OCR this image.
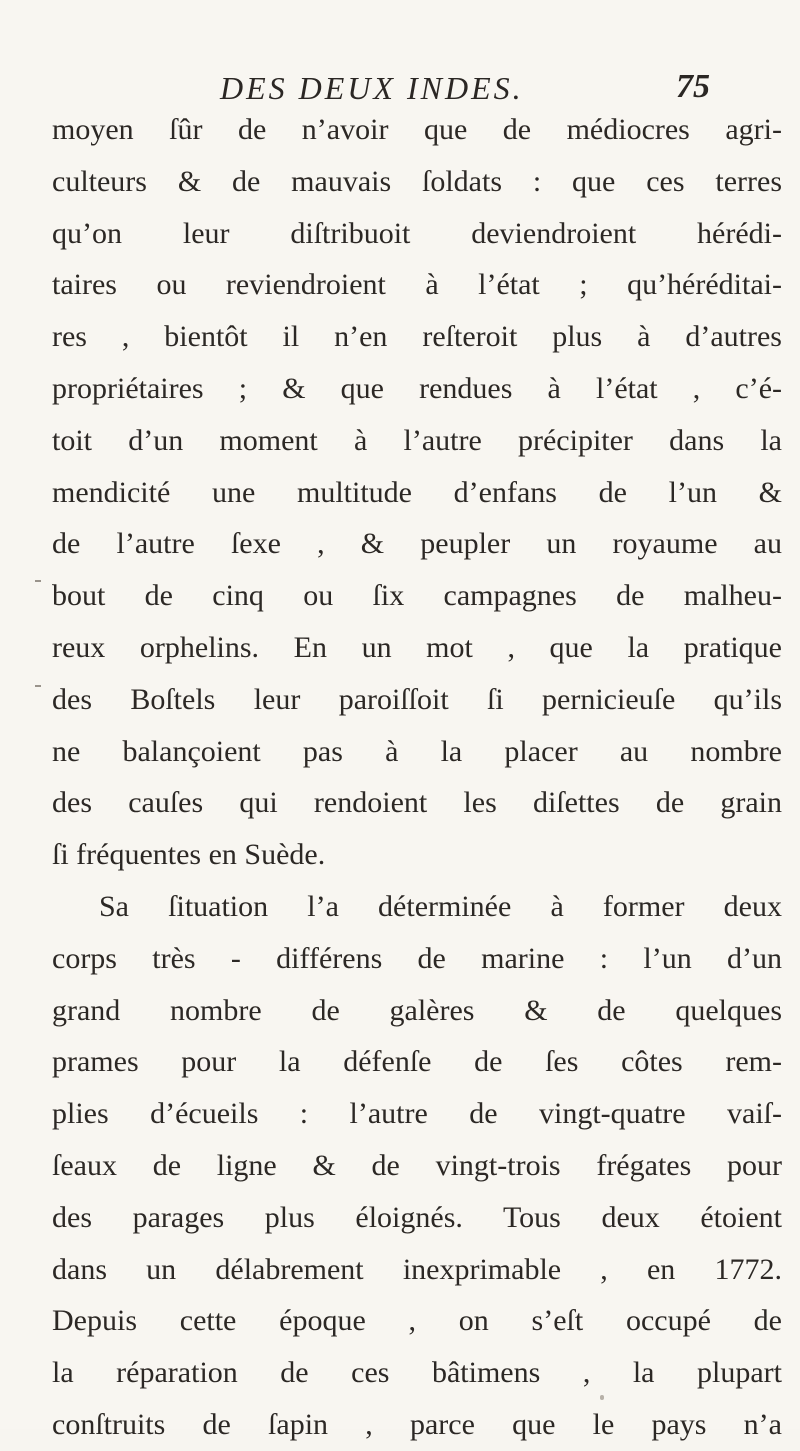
DES DEUX INDES.	75
moyen ſûr de n’avoir que de médiocres agri-
culteurs & de mauvais ſoldats : que ces terres
qu’on leur diſtribuoit deviendroient hérédi-
taires ou reviendroient à l’état ; qu’héréditai-
res , bientôt il n’en reſteroit plus à d’autres
propriétaires ; & que rendues à l’état , c’é-
toit d’un moment à l’autre précipiter dans la
mendicité une multitude d’enfans de l’un &
de l’autre ſexe , & peupler un royaume au
bout de cinq ou ſix campagnes de malheu-
reux orphelins. En un mot , que la pratique
des Boſtels leur paroiſſoit ſi pernicieuſe qu’ils
ne balançoient pas à la placer au nombre
des cauſes qui rendoient les diſettes de grain
ſi fréquentes en Suède.
Sa ſituation l’a déterminée à former deux
corps très - différens de marine : l’un d’un
grand nombre de galères & de quelques
prames pour la défenſe de ſes côtes rem-
plies d’écueils : l’autre de vingt-quatre vaiſ-
ſeaux de ligne & de vingt-trois frégates pour
des parages plus éloignés. Tous deux étoient
dans un délabrement inexprimable , en 1772.
Depuis cette époque , on s’eſt occupé de
la réparation de ces bâtimens , la plupart
conſtruits de ſapin , parce que le pays n’a
